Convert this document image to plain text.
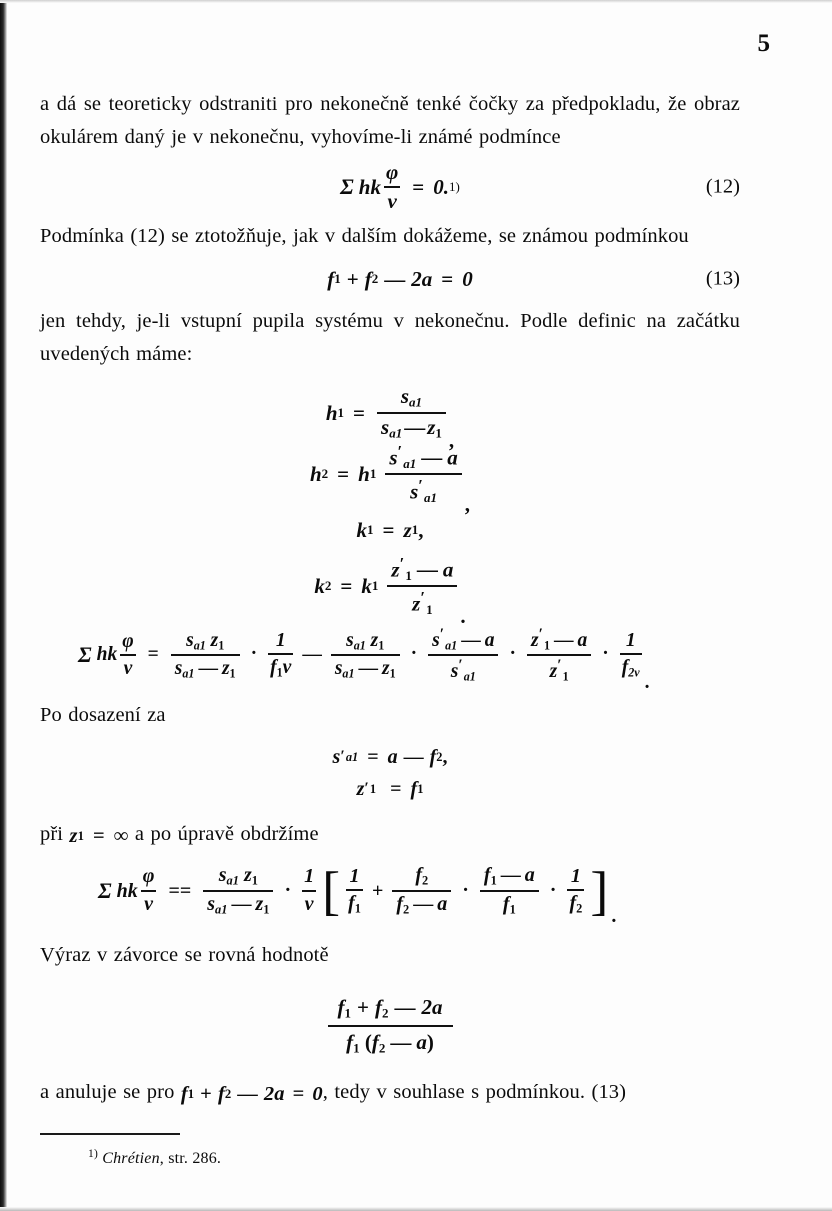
5

a dá se teoreticky odstraniti pro nekonečně tenké čočky za předpokladu, že obraz okulárem daný je v nekonečnu, vyhovíme-li známé podmínce

Σ hk $\frac{\varphi}{\nu} = 0$. 1)	(12)

Podmínka (12) se ztotožňuje, jak v dalším dokážeme, se známou podmínkou

f 1 + f 2 — 2a = 0	(13)

jen tehdy, je-li vstupní pupila systému v nekonečnu. Podle definic na začátku uvedených máme:

h $1 = \frac{s_{a1}}{s_{a1}—z_1}$ ,
h 2 = h $1 \frac{s'_{a1} — a}{s'_{a1}}$ ,
k 1 = z 1 ,
k 2 = k $1 \frac{z'_1 — a}{z'_1}$ .
Σ hk $\frac{\varphi}{\nu} = \frac{s_{a1} z_1}{s_{a1} — z_1} \cdot \frac{1}{f_1\nu}$ — $\frac{s_{a1} z_1}{s_{a1} — z_1} \cdot \frac{s'_{a1} — a}{s'_{a1}} \cdot \frac{z'_1 — a}{z'_1} \cdot \frac{1}{f_{2\nu}}$
.

Po dosazení za

s ′ a1 = a — f 2 ,
z ′ 1 = f 1

při z 1 = ∞ a po úpravě obdržíme

Σ hk $\frac{\varphi}{\nu} == \frac{s_{a1} z_1}{s_{a1} — z_1} \cdot \frac{1}{\nu}$ [ $\frac{1}{f_1} + \frac{f_2}{f_2 — a} \cdot \frac{f_1 — a}{f_1} \cdot \frac{1}{f_2}$ ] .

Výraz v závorce se rovná hodnotě

$\frac{f_1 + f_2 — 2a}{f_1 (f_2 — a)}$

a anuluje se pro f 1 + f 2 — 2a = 0, tedy v souhlase s podmínkou. (13)

$^{1)}$ Chrétien, str. 286.
